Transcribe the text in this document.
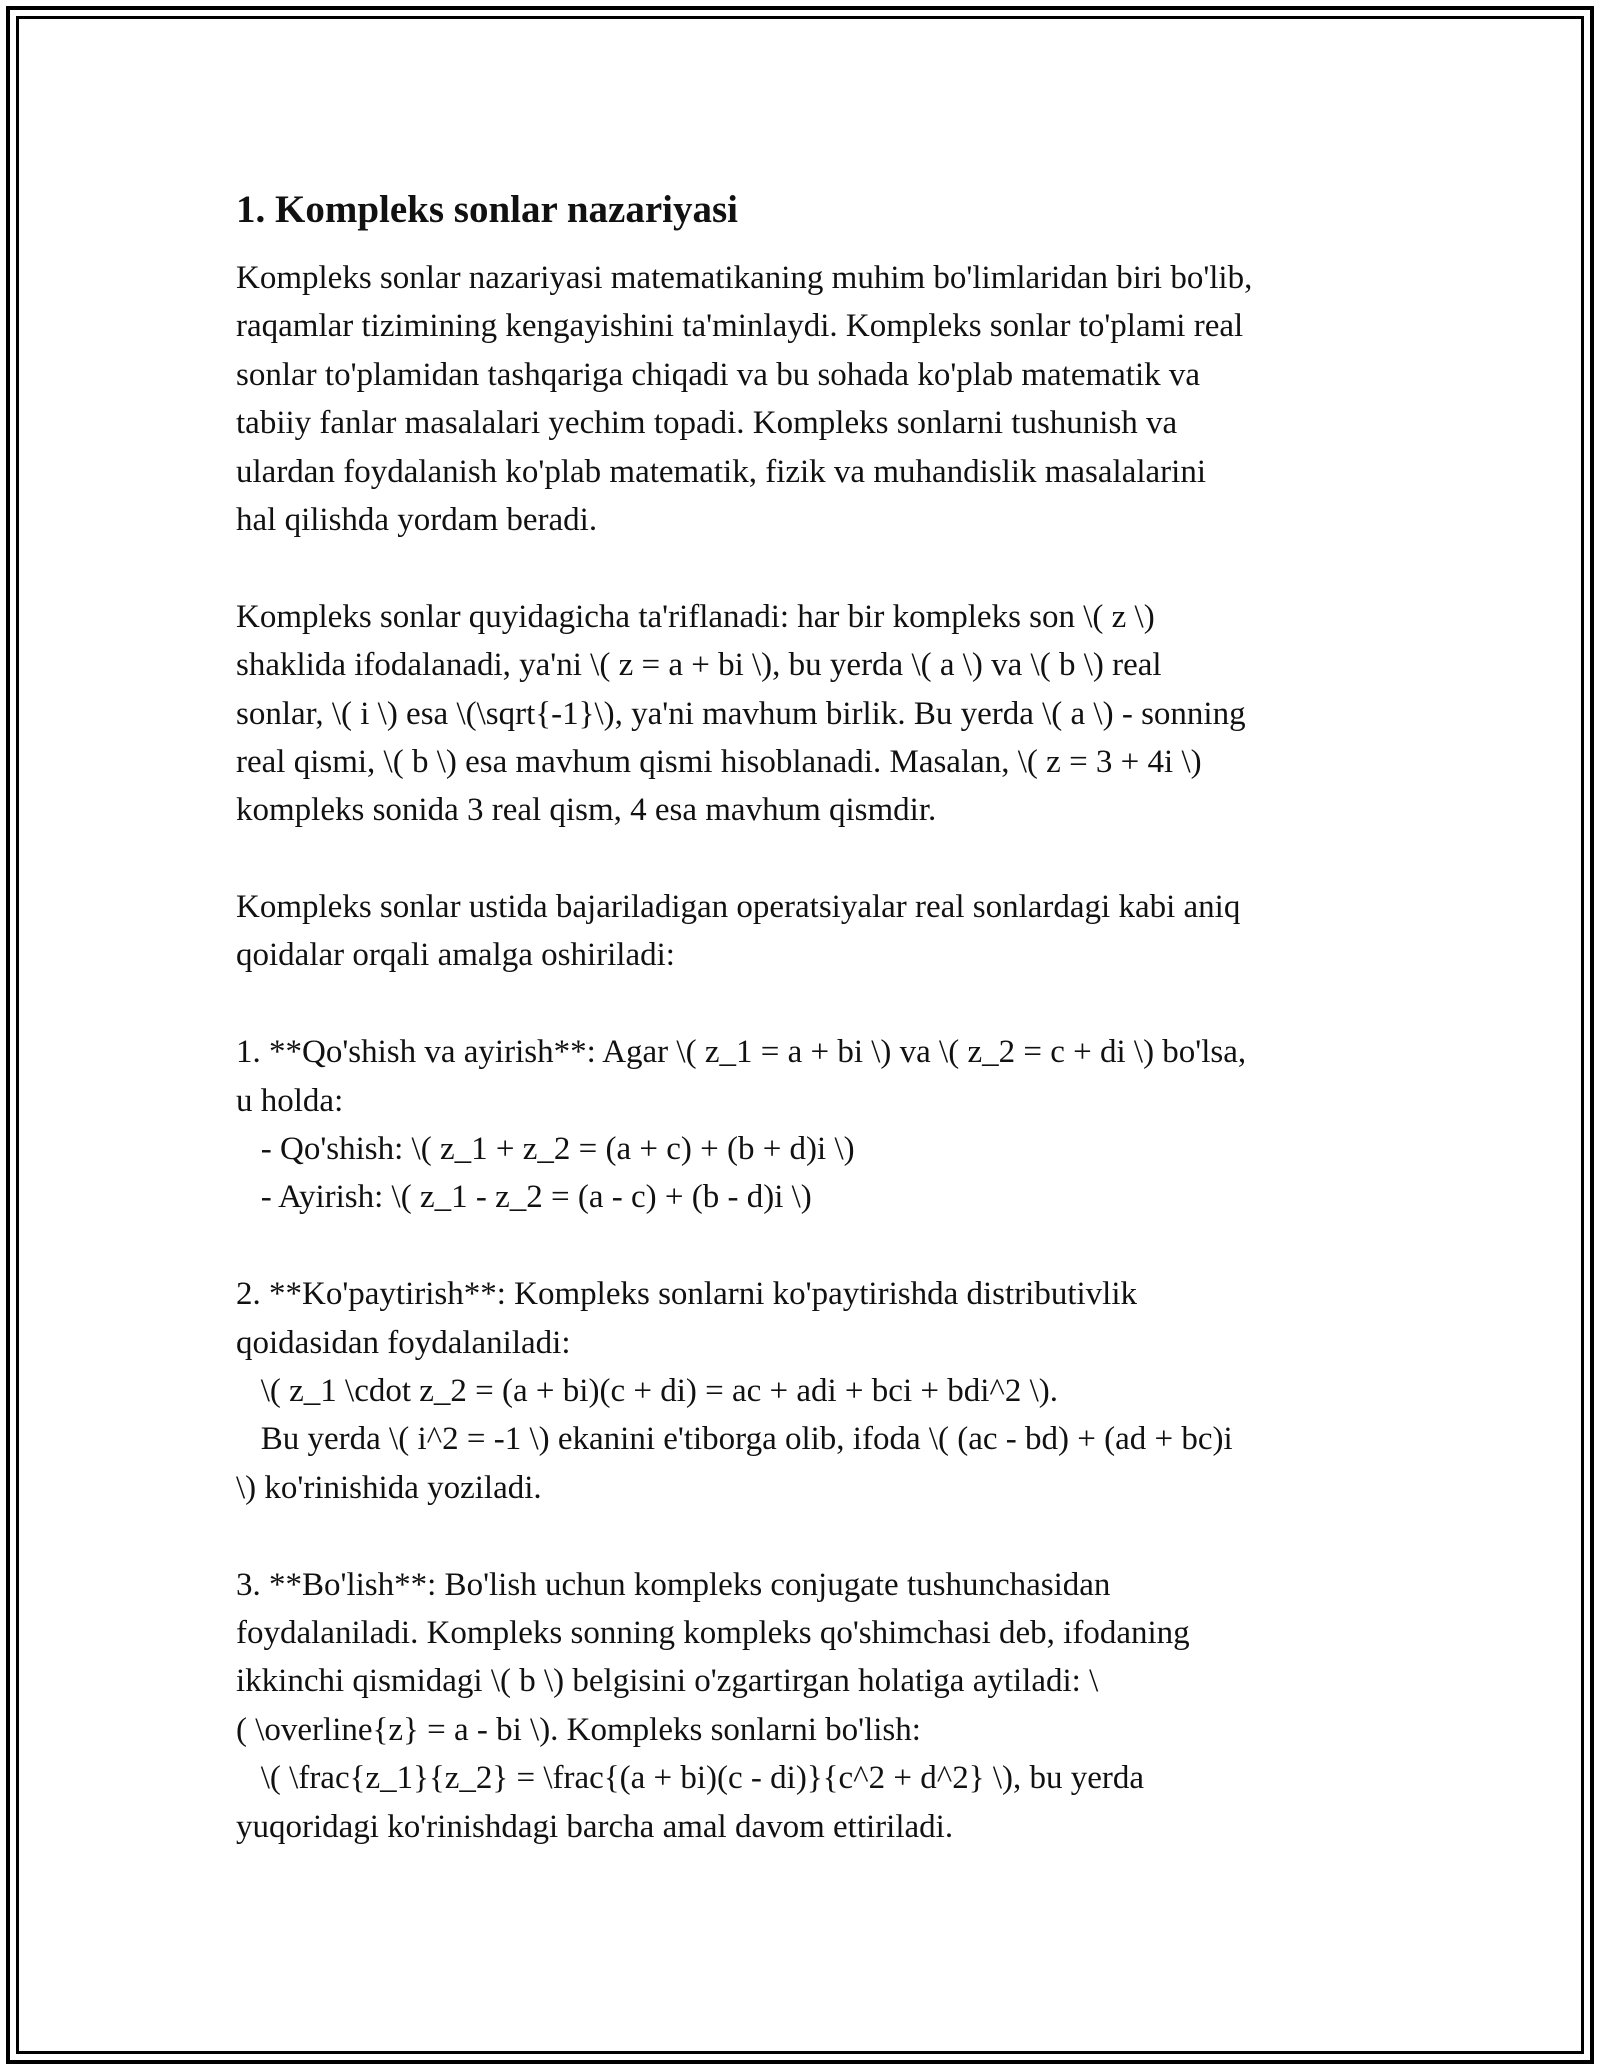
1. Kompleks sonlar nazariyasi
Kompleks sonlar nazariyasi matematikaning muhim bo'limlaridan biri bo'lib,
raqamlar tizimining kengayishini ta'minlaydi. Kompleks sonlar to'plami real
sonlar to'plamidan tashqariga chiqadi va bu sohada ko'plab matematik va
tabiiy fanlar masalalari yechim topadi. Kompleks sonlarni tushunish va
ulardan foydalanish ko'plab matematik, fizik va muhandislik masalalarini
hal qilishda yordam beradi.
Kompleks sonlar quyidagicha ta'riflanadi: har bir kompleks son \( z \)
shaklida ifodalanadi, ya'ni \( z = a + bi \), bu yerda \( a \) va \( b \) real
sonlar, \( i \) esa \(\sqrt{-1}\), ya'ni mavhum birlik. Bu yerda \( a \) - sonning
real qismi, \( b \) esa mavhum qismi hisoblanadi. Masalan, \( z = 3 + 4i \)
kompleks sonida 3 real qism, 4 esa mavhum qismdir.
Kompleks sonlar ustida bajariladigan operatsiyalar real sonlardagi kabi aniq
qoidalar orqali amalga oshiriladi:
1. **Qo'shish va ayirish**: Agar \( z_1 = a + bi \) va \( z_2 = c + di \) bo'lsa,
u holda:
- Qo'shish: \( z_1 + z_2 = (a + c) + (b + d)i \)
- Ayirish: \( z_1 - z_2 = (a - c) + (b - d)i \)
2. **Ko'paytirish**: Kompleks sonlarni ko'paytirishda distributivlik
qoidasidan foydalaniladi:
\( z_1 \cdot z_2 = (a + bi)(c + di) = ac + adi + bci + bdi^2 \).
Bu yerda \( i^2 = -1 \) ekanini e'tiborga olib, ifoda \( (ac - bd) + (ad + bc)i
\) ko'rinishida yoziladi.
3. **Bo'lish**: Bo'lish uchun kompleks conjugate tushunchasidan
foydalaniladi. Kompleks sonning kompleks qo'shimchasi deb, ifodaning
ikkinchi qismidagi \( b \) belgisini o'zgartirgan holatiga aytiladi: \
( \overline{z} = a - bi \). Kompleks sonlarni bo'lish:
\( \frac{z_1}{z_2} = \frac{(a + bi)(c - di)}{c^2 + d^2} \), bu yerda
yuqoridagi ko'rinishdagi barcha amal davom ettiriladi.
